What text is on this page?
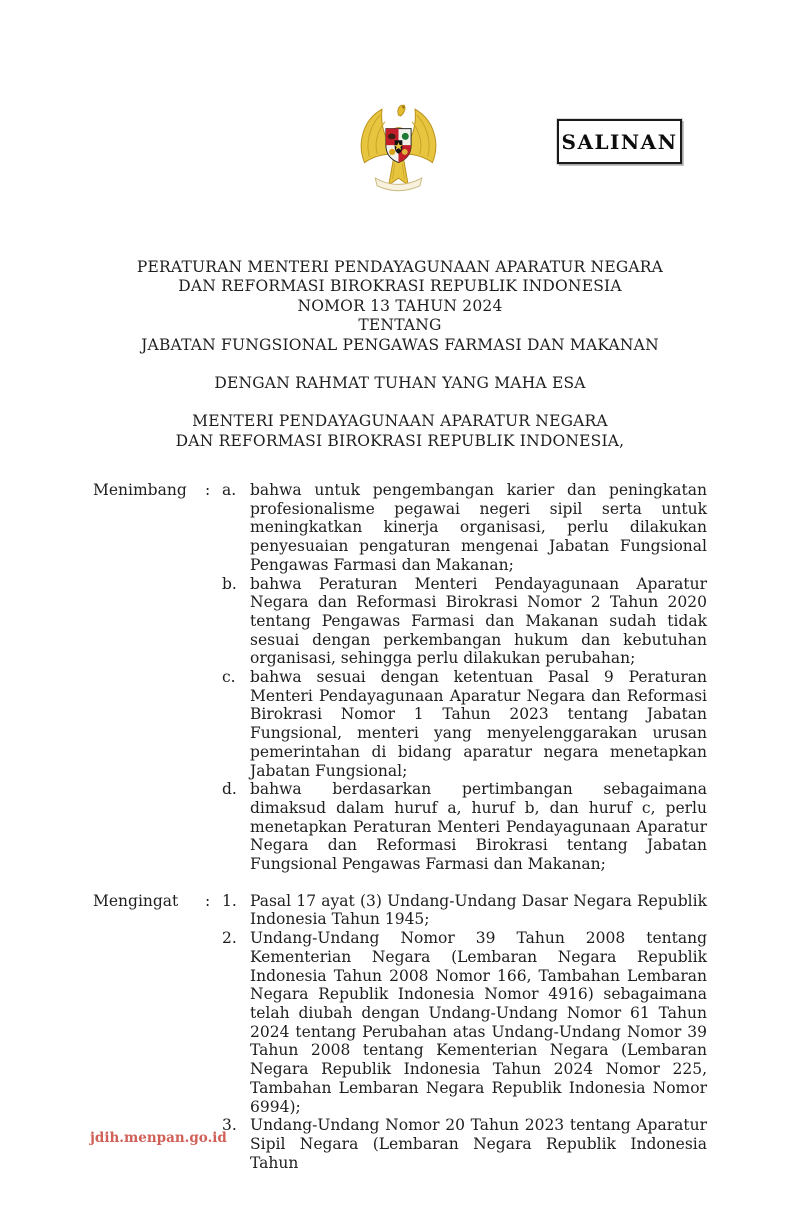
SALINAN
PERATURAN MENTERI PENDAYAGUNAAN APARATUR NEGARA
DAN REFORMASI BIROKRASI REPUBLIK INDONESIA
NOMOR 13 TAHUN 2024
TENTANG
JABATAN FUNGSIONAL PENGAWAS FARMASI DAN MAKANAN
DENGAN RAHMAT TUHAN YANG MAHA ESA
MENTERI PENDAYAGUNAAN APARATUR NEGARA
DAN REFORMASI BIROKRASI REPUBLIK INDONESIA,
Menimbang	: a. bahwa untuk pengembangan karier dan peningkatan profesionalisme pegawai negeri sipil serta untuk meningkatkan kinerja organisasi, perlu dilakukan penyesuaian pengaturan mengenai Jabatan Fungsional Pengawas Farmasi dan Makanan;

b. bahwa Peraturan Menteri Pendayagunaan Aparatur Negara dan Reformasi Birokrasi Nomor 2 Tahun 2020 tentang Pengawas Farmasi dan Makanan sudah tidak sesuai dengan perkembangan hukum dan kebutuhan organisasi, sehingga perlu dilakukan perubahan;

c. bahwa sesuai dengan ketentuan Pasal 9 Peraturan Menteri Pendayagunaan Aparatur Negara dan Reformasi Birokrasi Nomor 1 Tahun 2023 tentang Jabatan Fungsional, menteri yang menyelenggarakan urusan pemerintahan di bidang aparatur negara menetapkan Jabatan Fungsional;

d. bahwa berdasarkan pertimbangan sebagaimana dimaksud dalam huruf a, huruf b, dan huruf c, perlu menetapkan Peraturan Menteri Pendayagunaan Aparatur Negara dan Reformasi Birokrasi tentang Jabatan Fungsional Pengawas Farmasi dan Makanan;

Mengingat	: 1. Pasal 17 ayat (3) Undang-Undang Dasar Negara Republik Indonesia Tahun 1945;

2. Undang-Undang Nomor 39 Tahun 2008 tentang Kementerian Negara (Lembaran Negara Republik Indonesia Tahun 2008 Nomor 166, Tambahan Lembaran Negara Republik Indonesia Nomor 4916) sebagaimana telah diubah dengan Undang-Undang Nomor 61 Tahun 2024 tentang Perubahan atas Undang-Undang Nomor 39 Tahun 2008 tentang Kementerian Negara (Lembaran Negara Republik Indonesia Tahun 2024 Nomor 225, Tambahan Lembaran Negara Republik Indonesia Nomor 6994);

3. Undang-Undang Nomor 20 Tahun 2023 tentang Aparatur Sipil Negara (Lembaran Negara Republik Indonesia Tahun

jdih.menpan.go.id
